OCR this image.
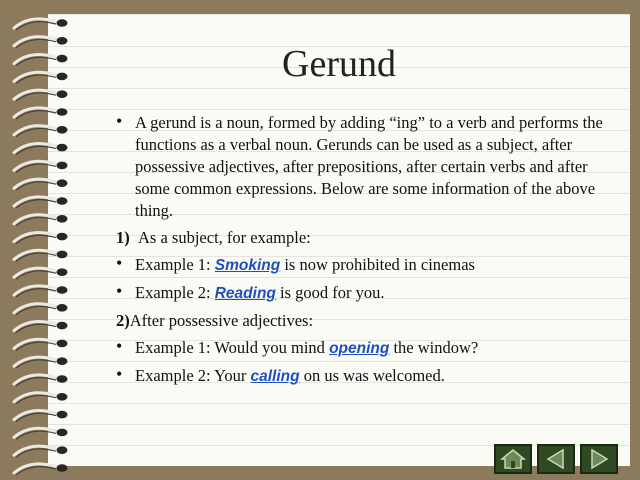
Gerund
• A gerund is a noun, formed by adding “ing” to a verb and performs the functions as a verbal noun. Gerunds can be used as a subject, after possessive adjectives, after prepositions, after certain verbs and after some common expressions. Below are some information of the above thing.
1) As a subject, for example:
• Example 1: Smoking is now prohibited in cinemas
• Example 2: Reading is good for you.
2)After possessive adjectives:
• Example 1: Would you mind opening the window?
• Example 2: Your calling on us was welcomed.
